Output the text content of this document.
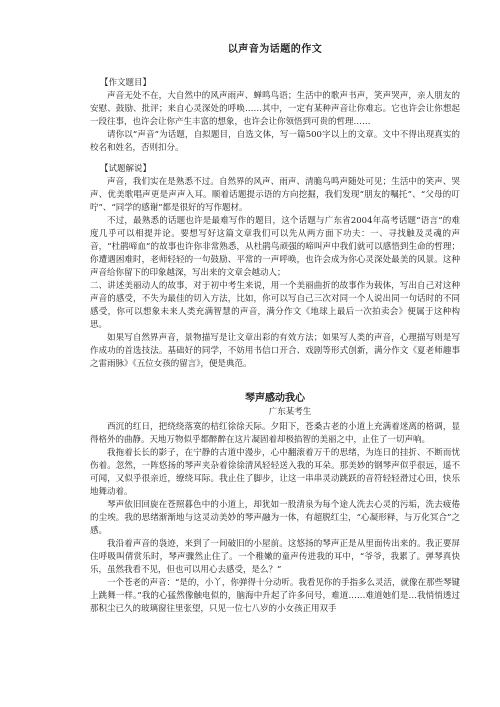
以声音为话题的作文
【作文题目】

声音无处不在，大自然中的风声雨声、蝉鸣鸟语；生活中的歌声书声，笑声哭声，亲人朋友的安慰、鼓励、批评；来自心灵深处的呼唤……其中，一定有某种声音让你难忘。它也许会让你想起一段往事，也许会让你产生丰富的想象，也许会让你领悟到可贵的哲理……

请你以“声音”为话题，自拟题目，自选文体，写一篇500字以上的文章。文中不得出现真实的校名和姓名，否则扣分。

【试题解说】

声音，我们实在是熟悉不过。自然界的风声、雨声、清脆鸟鸣声随处可见；生活中的笑声、哭声、优美歌唱声更是声声入耳。顺着话题提示语的方向挖掘，我们发现“朋友的嘱托”、“父母的叮咛”、“同学的感谢”都是很好的写作题材。

不过，最熟悉的话题也许是最难写作的题目，这个话题与广东省2004年高考话题“语言”的难度几乎可以相提并论。要想写好这篇文章我们可以先从两方面下功夫：一、寻找触及灵魂的声音，“杜鹃啼血”的故事也许你非常熟悉，从杜鹃鸟顽强的啼叫声中我们就可以感悟到生命的哲理；你遭遇困难时，老师轻轻的一句鼓励、平常的一声呼唤，也许会成为你心灵深处最美的风景。这种声音给你留下的印象越深，写出来的文章会越动人；

二、讲述美丽动人的故事，对于初中考生来说，用一个美丽曲折的故事作为载体，写出自己对这种声音的感受，不失为最佳的切入方法，比如，你可以写自己三次对同一个人说出同一句话时的不同感受，你可以想象未来人类充满智慧的声音，满分作文《地球上最后一次拍卖会》便属于这种构思。

如果写自然界声音，景物描写是让文章出彩的有效方法；如果写人类的声音，心理描写则是写作成功的首选技法。基础好的同学，不妨用书信口开合、戏剧等形式创新，满分作文《夏老师趣事之雷雨脉》《五位女孩的留言》，便是典范。

琴声感动我心
广东某考生

西沉的红日，把绕绕落寞的桔红徐徐天际。夕阳下，苍桑古老的小道上充满着迷离的格调，显得格外的曲静。天地万物似乎都醉醉在这片凝固着却极掐智的美丽之中，止住了一切声响。

我拖着长长的影子，在宁静的古道中漫步，心中翻滚着万千的思绪，为连日的挂折、不断而忧伤着。忽然，一阵悠扬的琴声夹杂着徐徐清风轻轻送入我的耳朵。那美妙的钢琴声似乎很远，遥不可闻，又似乎很亲近，缭绕耳际。我止住了脚步，让这一串串灵动跳跃的音符轻轻滑过心田，快乐地舞动着。

琴声依旧回旋在苍照暮色中的小道上，却犹如一股清泉为每个途人洗去心灵的污垢，洗去疲倦的尘埃。我的思绪渐渐地与这灵动美妙的琴声融为一体，有超脱红尘，“心凝形释，与万化冥合”之感。

我沿着声音的袅迹，来到了一间破旧的小屋前。这悠扬的琴声正是从里面传出来的。我正要屏住呼吸叫倩赏乐时，琴声骤然止住了。一个稚嫩的童声传进我的耳中，“爷爷，我累了。弹琴真快乐，虽然我看不见，但也可以用心去感受，是么？”

一个苍老的声音：“是的，小丫，你弹得十分动听。我看见你的手指多么灵活，就像在那些琴键上跳舞一样。”我的心猛然像触电似的，脑海中升起了许多问号，难道……难道她们是…我悄悄透过那积尘已久的玻璃窗往里张望，只见一位七八岁的小女孩正用双手
